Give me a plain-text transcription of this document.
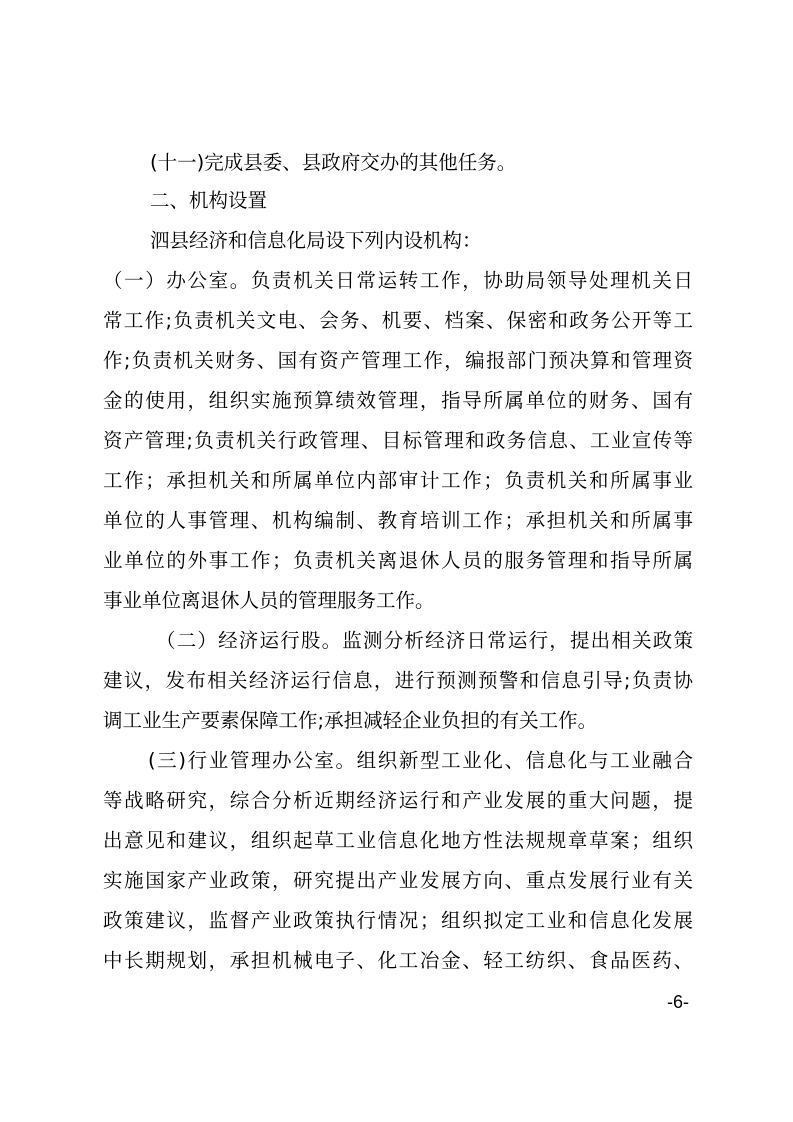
(十一)完成县委、县政府交办的其他任务。
二、机构设置
泗县经济和信息化局设下列内设机构：
（一）办公室。负责机关日常运转工作，协助局领导处理机关日
常工作;负责机关文电、会务、机要、档案、保密和政务公开等工
作;负责机关财务、国有资产管理工作，编报部门预决算和管理资
金的使用，组织实施预算绩效管理，指导所属单位的财务、国有
资产管理;负责机关行政管理、目标管理和政务信息、工业宣传等
工作；承担机关和所属单位内部审计工作；负责机关和所属事业
单位的人事管理、机构编制、教育培训工作；承担机关和所属事
业单位的外事工作；负责机关离退休人员的服务管理和指导所属
事业单位离退休人员的管理服务工作。
（二）经济运行股。监测分析经济日常运行，提出相关政策
建议，发布相关经济运行信息，进行预测预警和信息引导;负责协
调工业生产要素保障工作;承担减轻企业负担的有关工作。
(三)行业管理办公室。组织新型工业化、信息化与工业融合
等战略研究，综合分析近期经济运行和产业发展的重大问题，提
出意见和建议，组织起草工业信息化地方性法规规章草案；组织
实施国家产业政策，研究提出产业发展方向、重点发展行业有关
政策建议，监督产业政策执行情况；组织拟定工业和信息化发展
中长期规划，承担机械电子、化工冶金、轻工纺织、食品医药、
-6-
